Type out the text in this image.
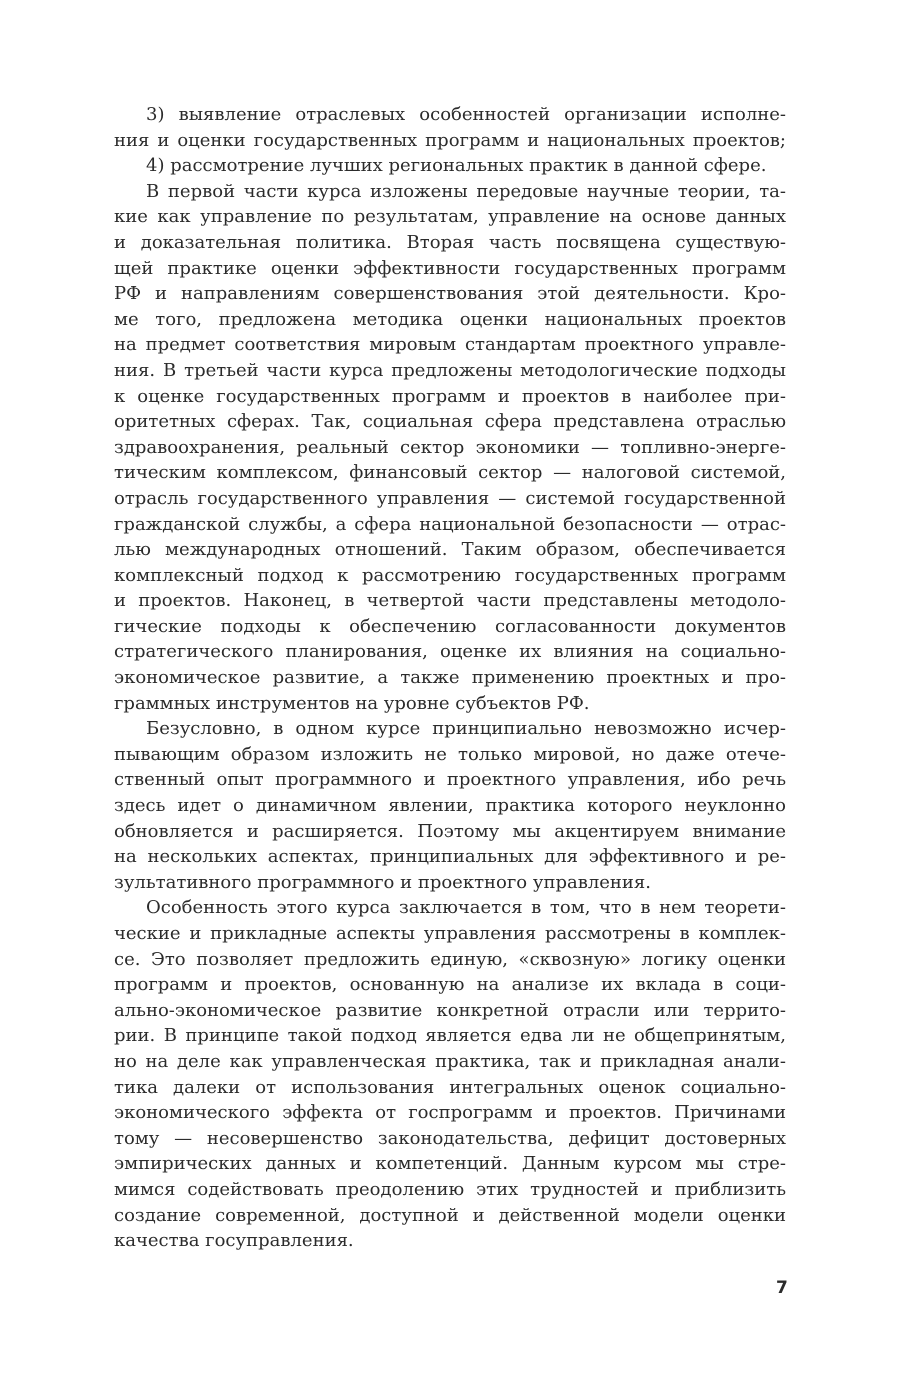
3) выявление отраслевых особенностей организации исполне-
ния и оценки государственных программ и национальных проектов;
4) рассмотрение лучших региональных практик в данной сфере.
В первой части курса изложены передовые научные теории, та-
кие как управление по результатам, управление на основе данных
и доказательная политика. Вторая часть посвящена существую-
щей практике оценки эффективности государственных программ
РФ и направлениям совершенствования этой деятельности. Кро-
ме того, предложена методика оценки национальных проектов
на предмет соответствия мировым стандартам проектного управле-
ния. В третьей части курса предложены методологические подходы
к оценке государственных программ и проектов в наиболее при-
оритетных сферах. Так, социальная сфера представлена отраслью
здравоохранения, реальный сектор экономики — топливно-энерге-
тическим комплексом, финансовый сектор — налоговой системой,
отрасль государственного управления — системой государственной
гражданской службы, а сфера национальной безопасности — отрас-
лью международных отношений. Таким образом, обеспечивается
комплексный подход к рассмотрению государственных программ
и проектов. Наконец, в четвертой части представлены методоло-
гические подходы к обеспечению согласованности документов
стратегического планирования, оценке их влияния на социально-
экономическое развитие, а также применению проектных и про-
граммных инструментов на уровне субъектов РФ.
Безусловно, в одном курсе принципиально невозможно исчер-
пывающим образом изложить не только мировой, но даже отече-
ственный опыт программного и проектного управления, ибо речь
здесь идет о динамичном явлении, практика которого неуклонно
обновляется и расширяется. Поэтому мы акцентируем внимание
на нескольких аспектах, принципиальных для эффективного и ре-
зультативного программного и проектного управления.
Особенность этого курса заключается в том, что в нем теорети-
ческие и прикладные аспекты управления рассмотрены в комплек-
се. Это позволяет предложить единую, «сквозную» логику оценки
программ и проектов, основанную на анализе их вклада в соци-
ально-экономическое развитие конкретной отрасли или террито-
рии. В принципе такой подход является едва ли не общепринятым,
но на деле как управленческая практика, так и прикладная анали-
тика далеки от использования интегральных оценок социально-
экономического эффекта от госпрограмм и проектов. Причинами
тому — несовершенство законодательства, дефицит достоверных
эмпирических данных и компетенций. Данным курсом мы стре-
мимся содействовать преодолению этих трудностей и приблизить
создание современной, доступной и действенной модели оценки
качества госуправления.
7
